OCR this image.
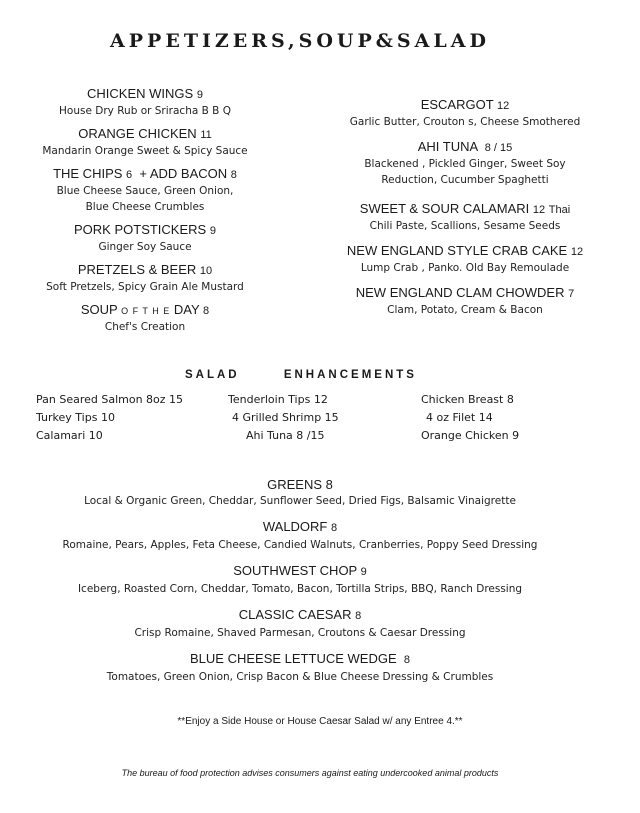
APPETIZERS,SOUP&SALAD
CHICKEN WINGS 9
House Dry Rub or Sriracha B B Q
ORANGE CHICKEN 11
Mandarin Orange Sweet & Spicy Sauce
THE CHIPS 6 + ADD BACON 8
Blue Cheese Sauce, Green Onion,
Blue Cheese Crumbles
PORK POTSTICKERS 9
Ginger Soy Sauce
PRETZELS & BEER 10
Soft Pretzels, Spicy Grain Ale Mustard
SOUP O F T H E DAY 8
Chef's Creation
ESCARGOT 12
Garlic Butter, Crouton s, Cheese Smothered
AHI TUNA 8 / 15
Blackened , Pickled Ginger, Sweet Soy
Reduction, Cucumber Spaghetti
SWEET & SOUR CALAMARI 12 Thai
Chili Paste, Scallions, Sesame Seeds
NEW ENGLAND STYLE CRAB CAKE 12
Lump Crab , Panko. Old Bay Remoulade
NEW ENGLAND CLAM CHOWDER 7
Clam, Potato, Cream & Bacon
SALAD	ENHANCEMENTS
Pan Seared Salmon 8oz 15
Turkey Tips 10
Calamari 10
Tenderloin Tips 12
4 Grilled Shrimp 15
Ahi Tuna 8 /15
Chicken Breast 8
4 oz Filet 14
Orange Chicken 9
GREENS 8
Local & Organic Green, Cheddar, Sunflower Seed, Dried Figs, Balsamic Vinaigrette
WALDORF 8
Romaine, Pears, Apples, Feta Cheese, Candied Walnuts, Cranberries, Poppy Seed Dressing
SOUTHWEST CHOP 9
Iceberg, Roasted Corn, Cheddar, Tomato, Bacon, Tortilla Strips, BBQ, Ranch Dressing
CLASSIC CAESAR 8
Crisp Romaine, Shaved Parmesan, Croutons & Caesar Dressing
BLUE CHEESE LETTUCE WEDGE 8
Tomatoes, Green Onion, Crisp Bacon & Blue Cheese Dressing & Crumbles
**Enjoy a Side House or House Caesar Salad w/ any Entree 4.**
The bureau of food protection advises consumers against eating undercooked animal products
